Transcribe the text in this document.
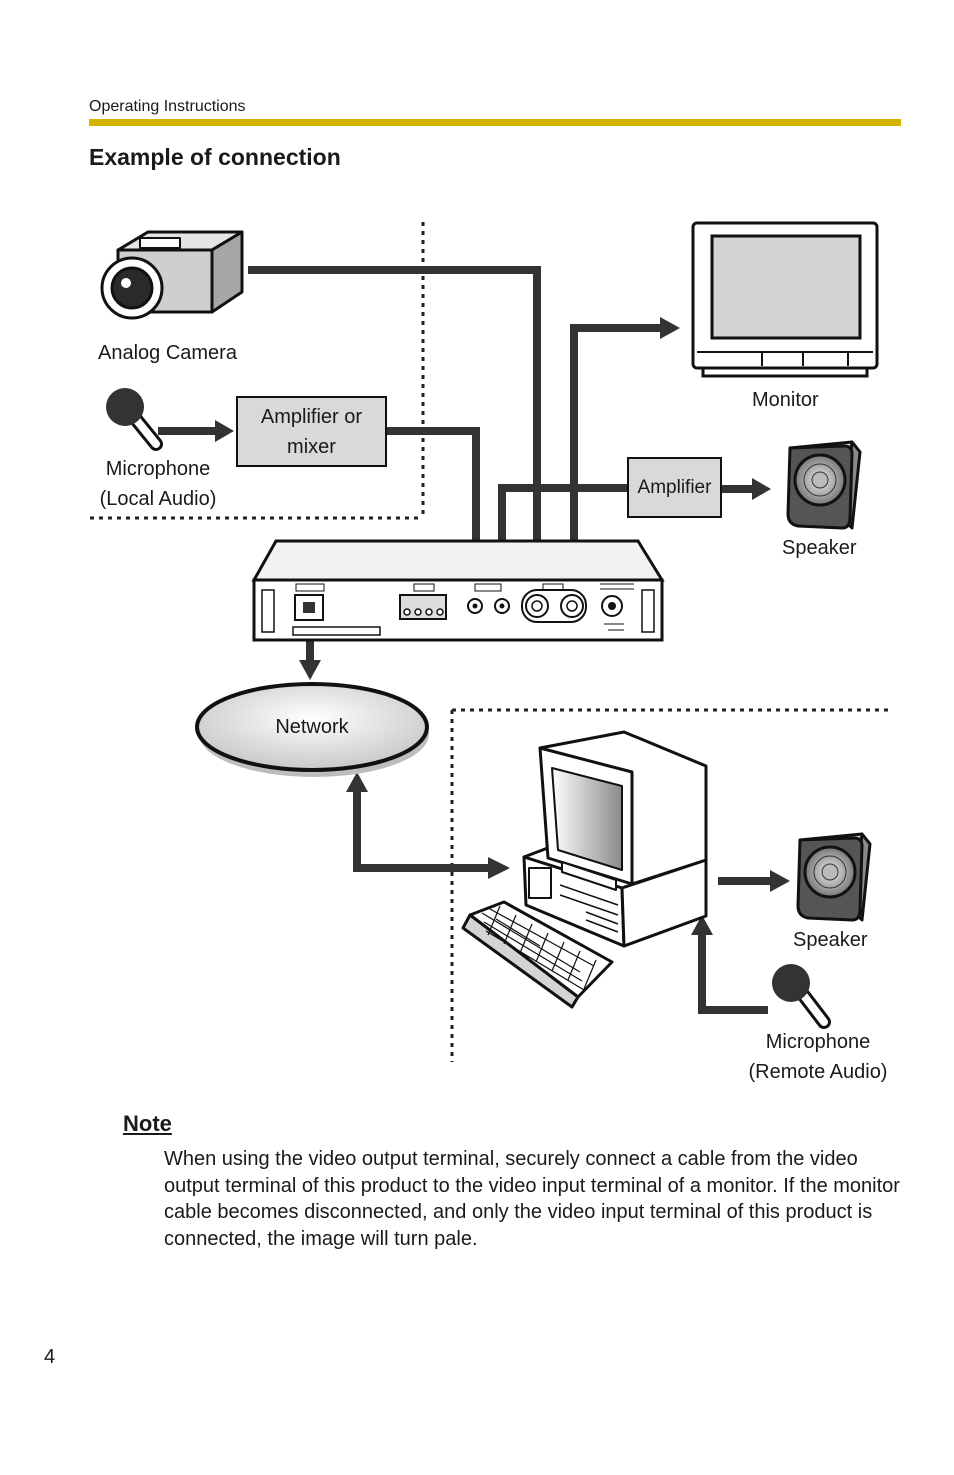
Operating Instructions
Example of connection
Analog Camera
Microphone
(Local Audio)
Amplifier or
mixer
Monitor
Amplifier
Speaker
Network
Speaker
Microphone
(Remote Audio)
Note
When using the video output terminal, securely connect a cable from the video output terminal of this product to the video input terminal of a monitor. If the monitor cable becomes disconnected, and only the video input terminal of this product is connected, the image will turn pale.
4
